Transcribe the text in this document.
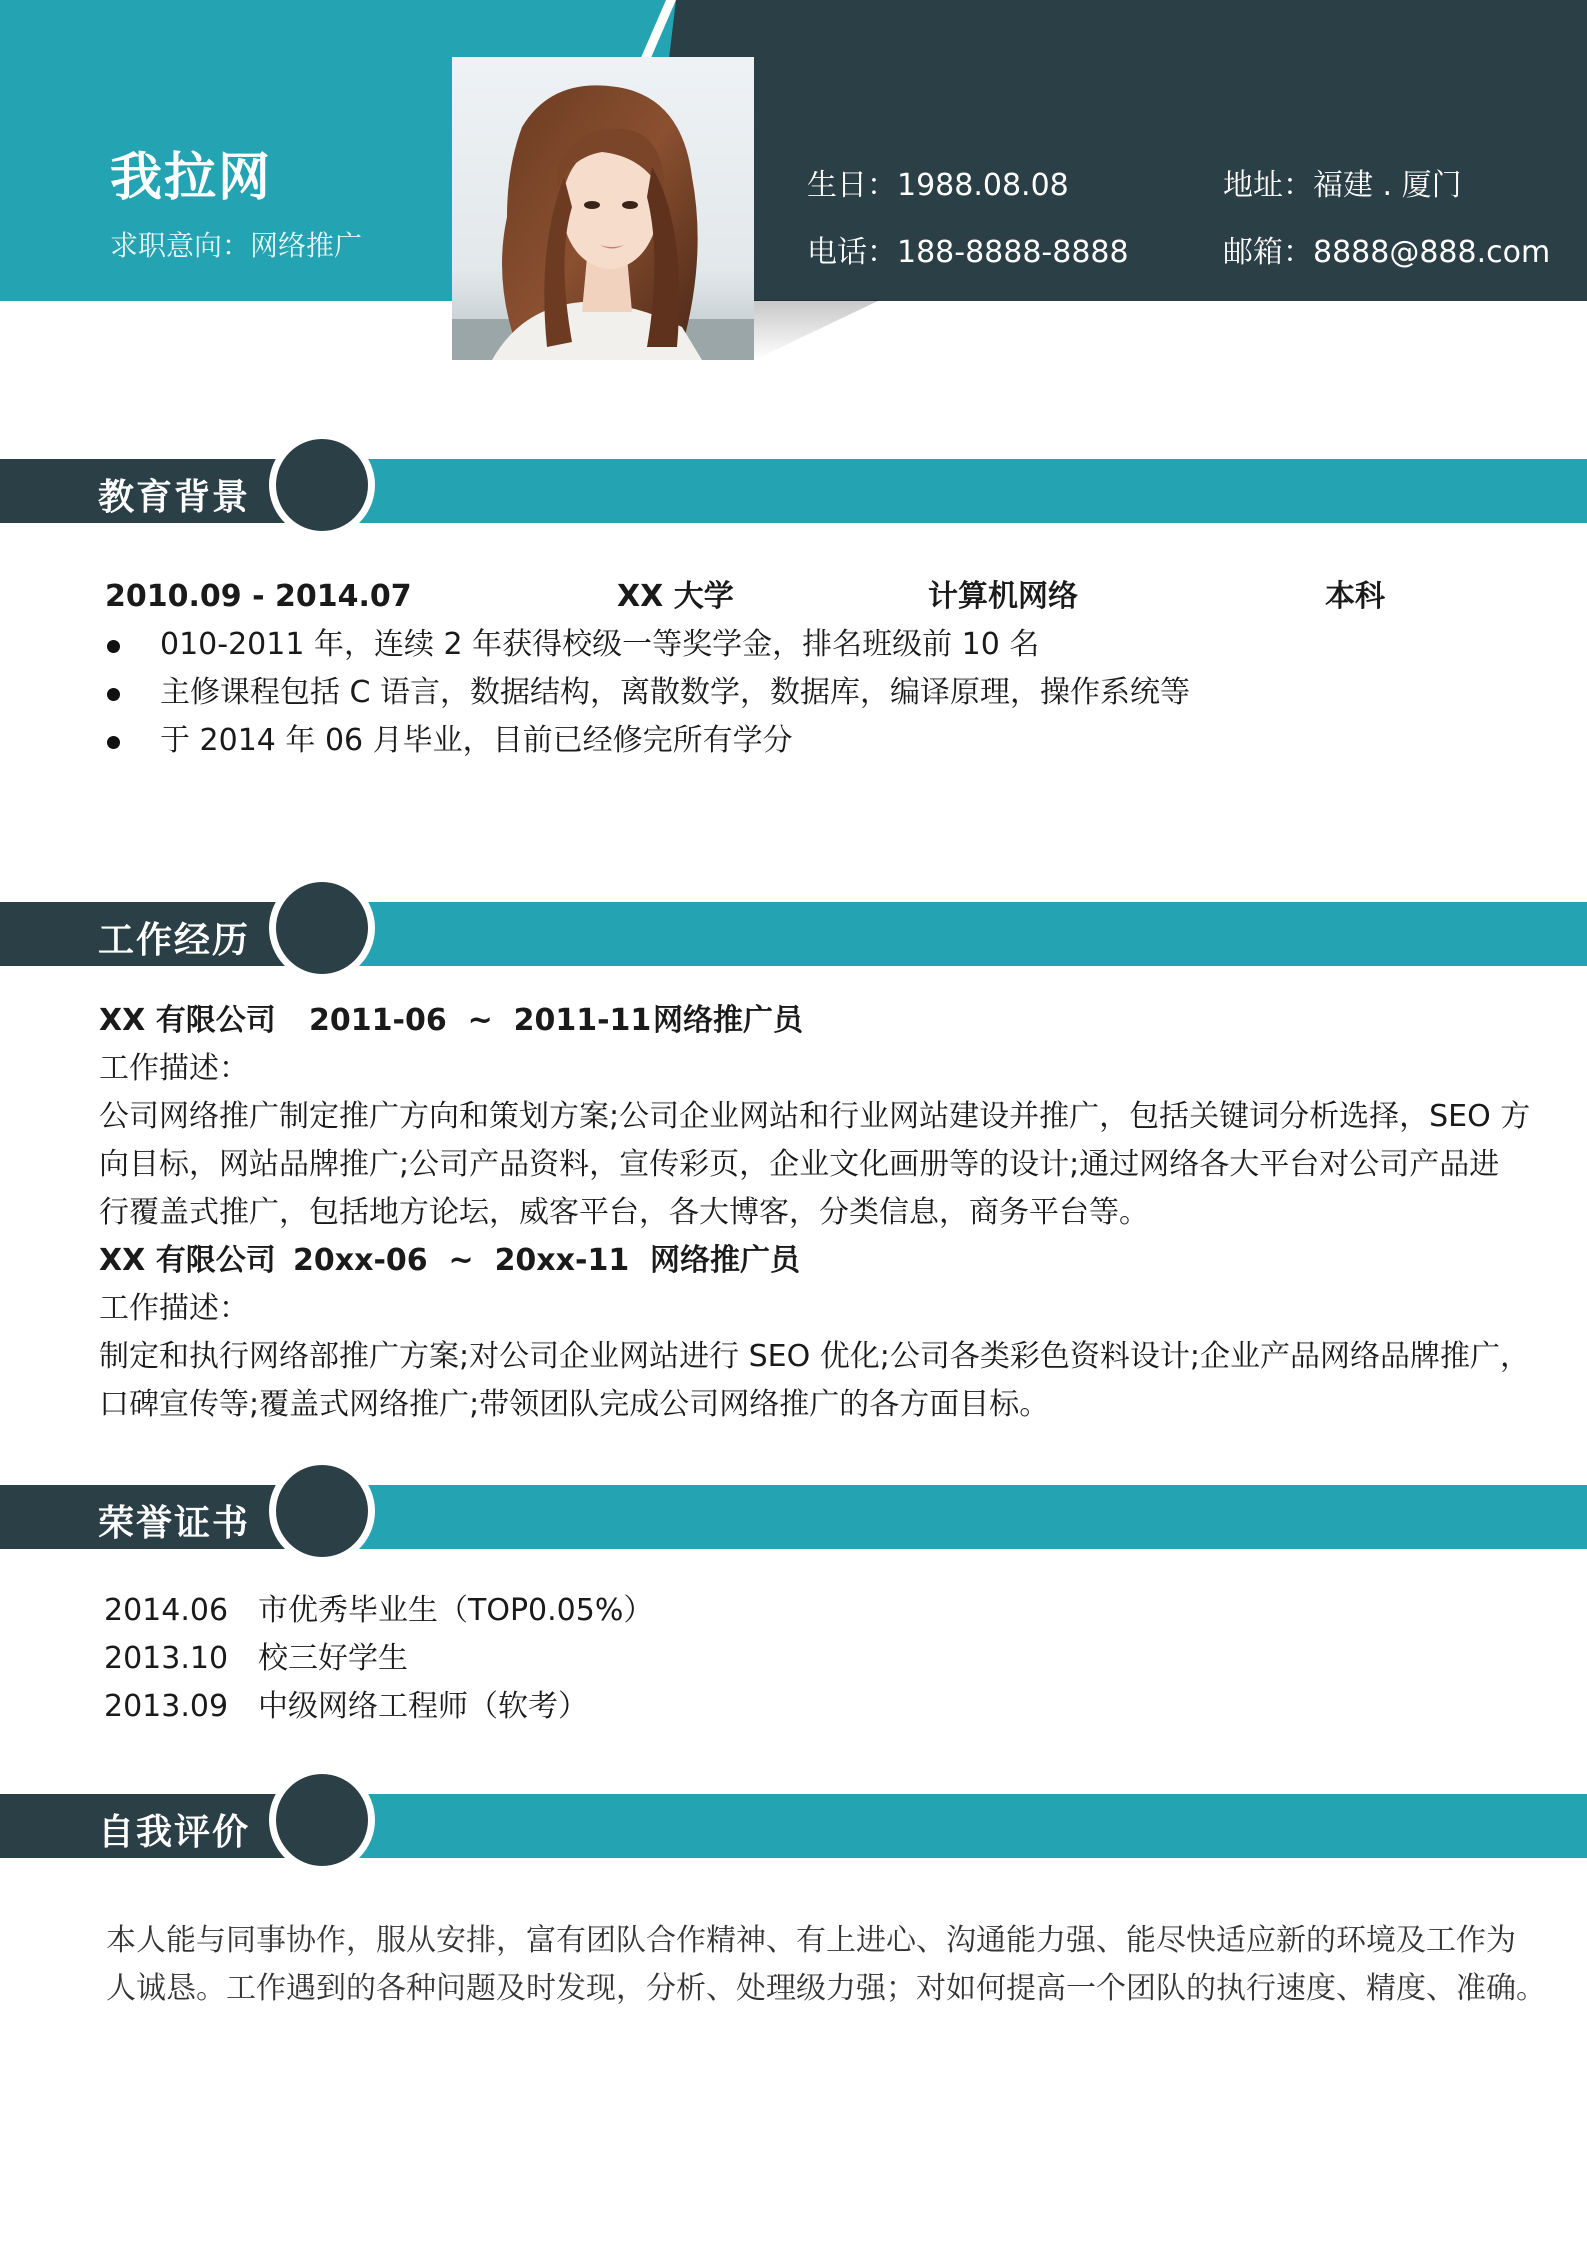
我拉网
求职意向：网络推广
生日：1988.08.08
电话：188-8888-8888
地址：福建 . 厦门
邮箱：8888@888.com
教育背景
2010.09 - 2014.07	XX 大学	计算机网络	本科
010-2011 年，连续 2 年获得校级一等奖学金，排名班级前 10 名
主修课程包括 C 语言，数据结构，离散数学，数据库，编译原理，操作系统等
于 2014 年 06 月毕业，目前已经修完所有学分
工作经历
XX 有限公司 2011-06  ~  2011-11 网络推广员
工作描述：
公司网络推广制定推广方向和策划方案;公司企业网站和行业网站建设并推广，包括关键词分析选择，SEO 方
向目标，网站品牌推广;公司产品资料，宣传彩页，企业文化画册等的设计;通过网络各大平台对公司产品进
行覆盖式推广，包括地方论坛，威客平台，各大博客，分类信息，商务平台等。
XX 有限公司 20xx-06  ~  20xx-11 网络推广员
工作描述：
制定和执行网络部推广方案;对公司企业网站进行 SEO 优化;公司各类彩色资料设计;企业产品网络品牌推广，
口碑宣传等;覆盖式网络推广;带领团队完成公司网络推广的各方面目标。
荣誉证书
2014.06 市优秀毕业生（TOP0.05%）
2013.10 校三好学生
2013.09 中级网络工程师（软考）
自我评价
本人能与同事协作，服从安排，富有团队合作精神、有上进心、沟通能力强、能尽快适应新的环境及工作为
人诚恳。工作遇到的各种问题及时发现，分析、处理级力强；对如何提高一个团队的执行速度、精度、准确。
